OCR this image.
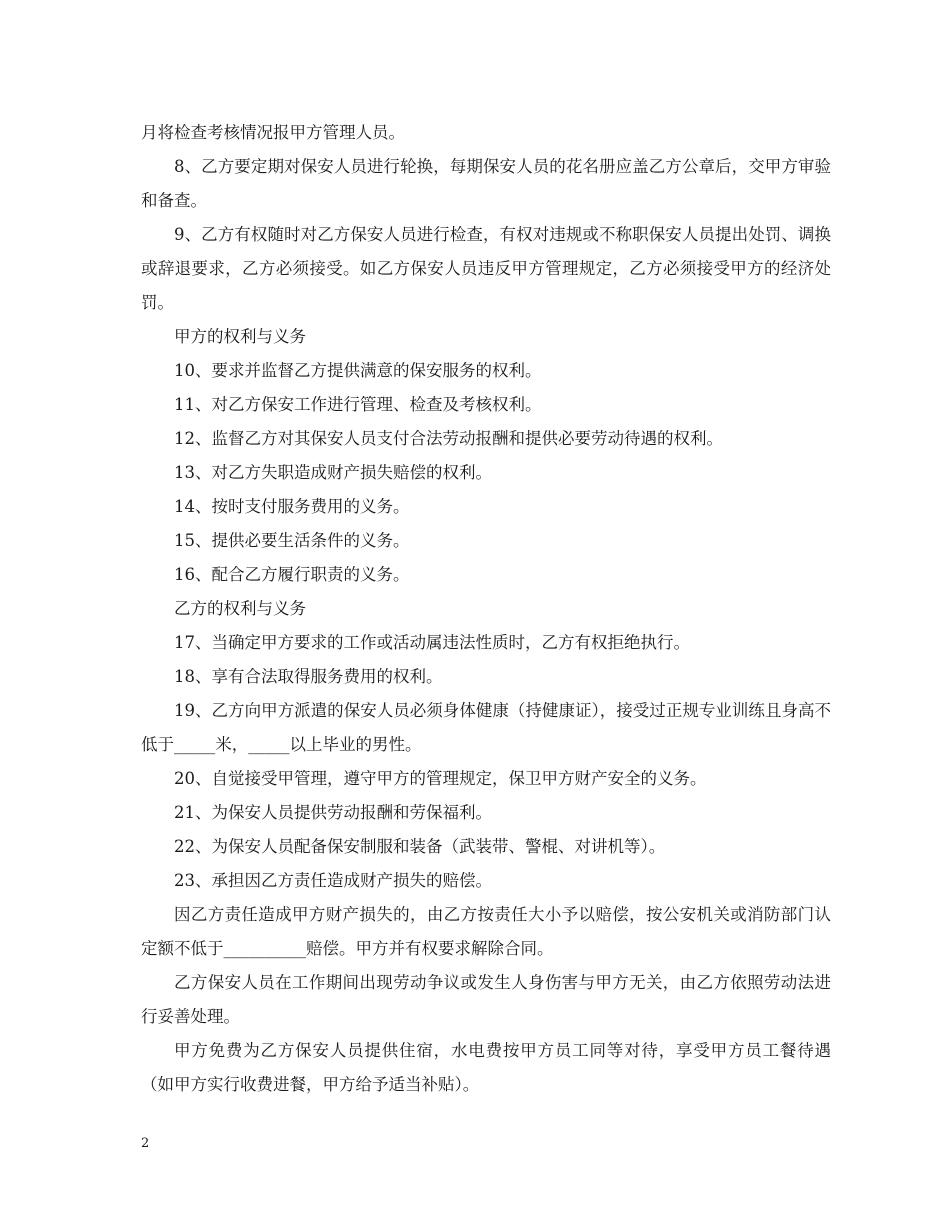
月将检查考核情况报甲方管理人员。

8、乙方要定期对保安人员进行轮换，每期保安人员的花名册应盖乙方公章后，交甲方审验和备查。

9、乙方有权随时对乙方保安人员进行检查，有权对违规或不称职保安人员提出处罚、调换或辞退要求，乙方必须接受。如乙方保安人员违反甲方管理规定，乙方必须接受甲方的经济处罚。

甲方的权利与义务

10、要求并监督乙方提供满意的保安服务的权利。

11、对乙方保安工作进行管理、检查及考核权利。

12、监督乙方对其保安人员支付合法劳动报酬和提供必要劳动待遇的权利。

13、对乙方失职造成财产损失赔偿的权利。

14、按时支付服务费用的义务。

15、提供必要生活条件的义务。

16、配合乙方履行职责的义务。

乙方的权利与义务

17、当确定甲方要求的工作或活动属违法性质时，乙方有权拒绝执行。

18、享有合法取得服务费用的权利。

19、乙方向甲方派遣的保安人员必须身体健康（持健康证），接受过正规专业训练且身高不低于_____米，_____以上毕业的男性。

20、自觉接受甲管理，遵守甲方的管理规定，保卫甲方财产安全的义务。

21、为保安人员提供劳动报酬和劳保福利。

22、为保安人员配备保安制服和装备（武装带、警棍、对讲机等）。

23、承担因乙方责任造成财产损失的赔偿。

因乙方责任造成甲方财产损失的，由乙方按责任大小予以赔偿，按公安机关或消防部门认定额不低于__________赔偿。甲方并有权要求解除合同。

乙方保安人员在工作期间出现劳动争议或发生人身伤害与甲方无关，由乙方依照劳动法进行妥善处理。

甲方免费为乙方保安人员提供住宿，水电费按甲方员工同等对待，享受甲方员工餐待遇（如甲方实行收费进餐，甲方给予适当补贴）。

2
